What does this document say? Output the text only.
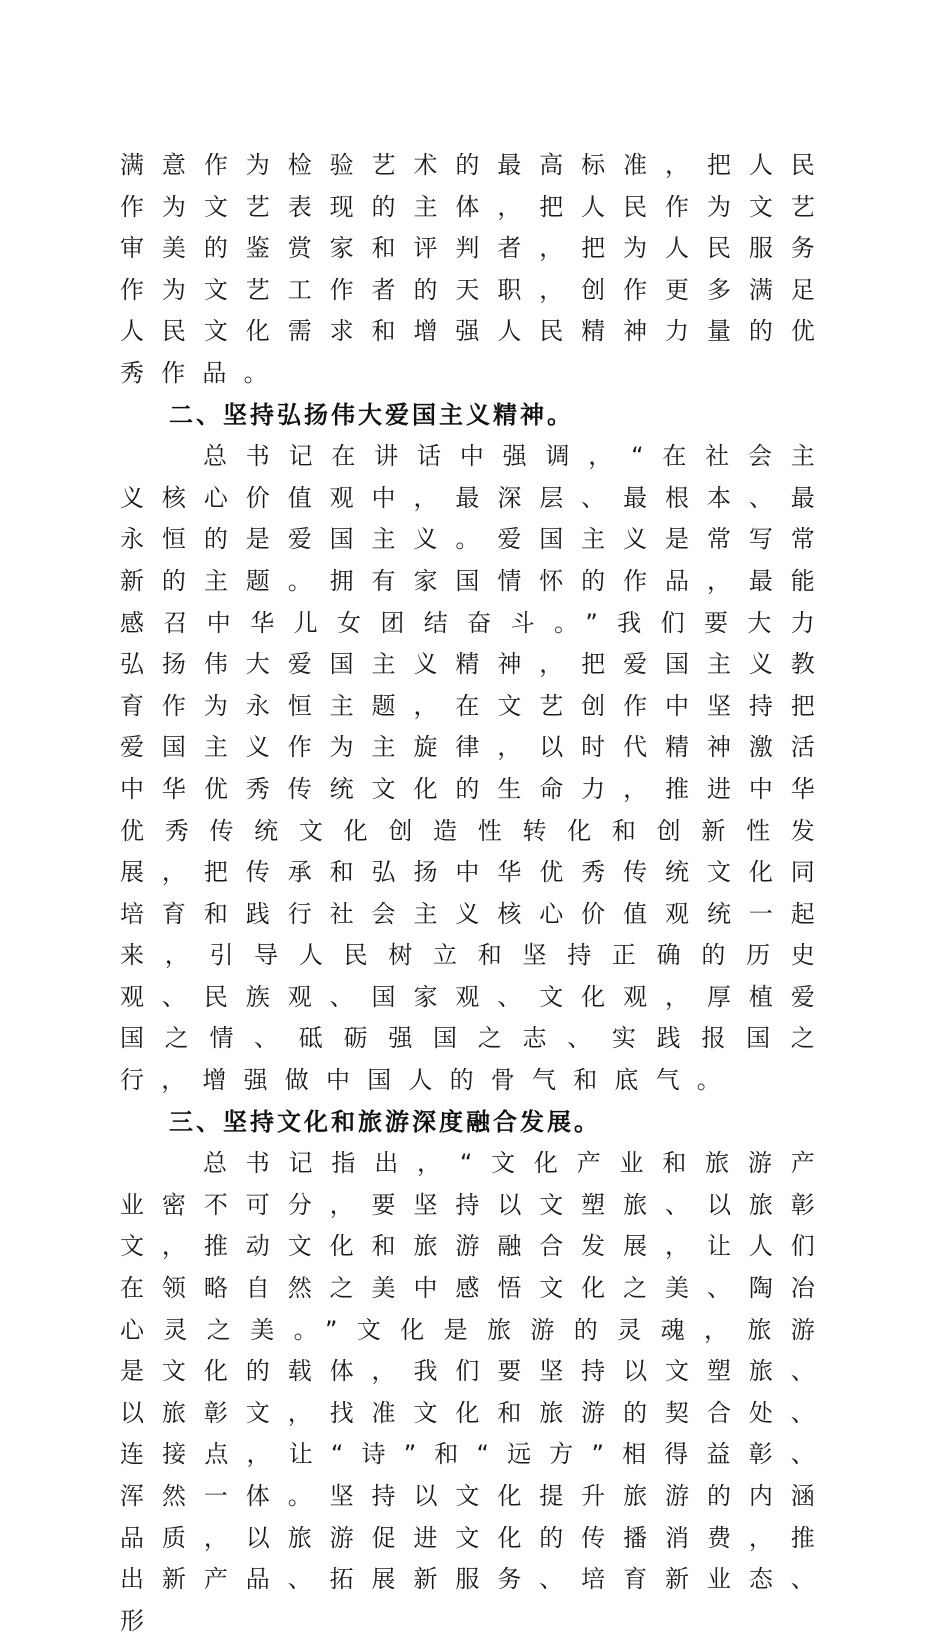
满意作为检验艺术的最高标准，把人民作为文艺表现的主体，把人民作为文艺审美的鉴赏家和评判者，把为人民服务作为文艺工作者的天职，创作更多满足人民文化需求和增强人民精神力量的优秀作品。

二、坚持弘扬伟大爱国主义精神。

总书记在讲话中强调，“在社会主义核心价值观中，最深层、最根本、最永恒的是爱国主义。爱国主义是常写常新的主题。拥有家国情怀的作品，最能感召中华儿女团结奋斗。”我们要大力弘扬伟大爱国主义精神，把爱国主义教育作为永恒主题，在文艺创作中坚持把爱国主义作为主旋律，以时代精神激活中华优秀传统文化的生命力，推进中华优秀传统文化创造性转化和创新性发展，把传承和弘扬中华优秀传统文化同培育和践行社会主义核心价值观统一起来，引导人民树立和坚持正确的历史观、民族观、国家观、文化观，厚植爱国之情、砥砺强国之志、实践报国之行，增强做中国人的骨气和底气。

三、坚持文化和旅游深度融合发展。

总书记指出，“文化产业和旅游产业密不可分，要坚持以文塑旅、以旅彰文，推动文化和旅游融合发展，让人们在领略自然之美中感悟文化之美、陶冶心灵之美。”文化是旅游的灵魂，旅游是文化的载体，我们要坚持以文塑旅、以旅彰文，找准文化和旅游的契合处、连接点，让“诗”和“远方”相得益彰、浑然一体。坚持以文化提升旅游的内涵品质，以旅游促进文化的传播消费，推出新产品、拓展新服务、培育新业态、形
